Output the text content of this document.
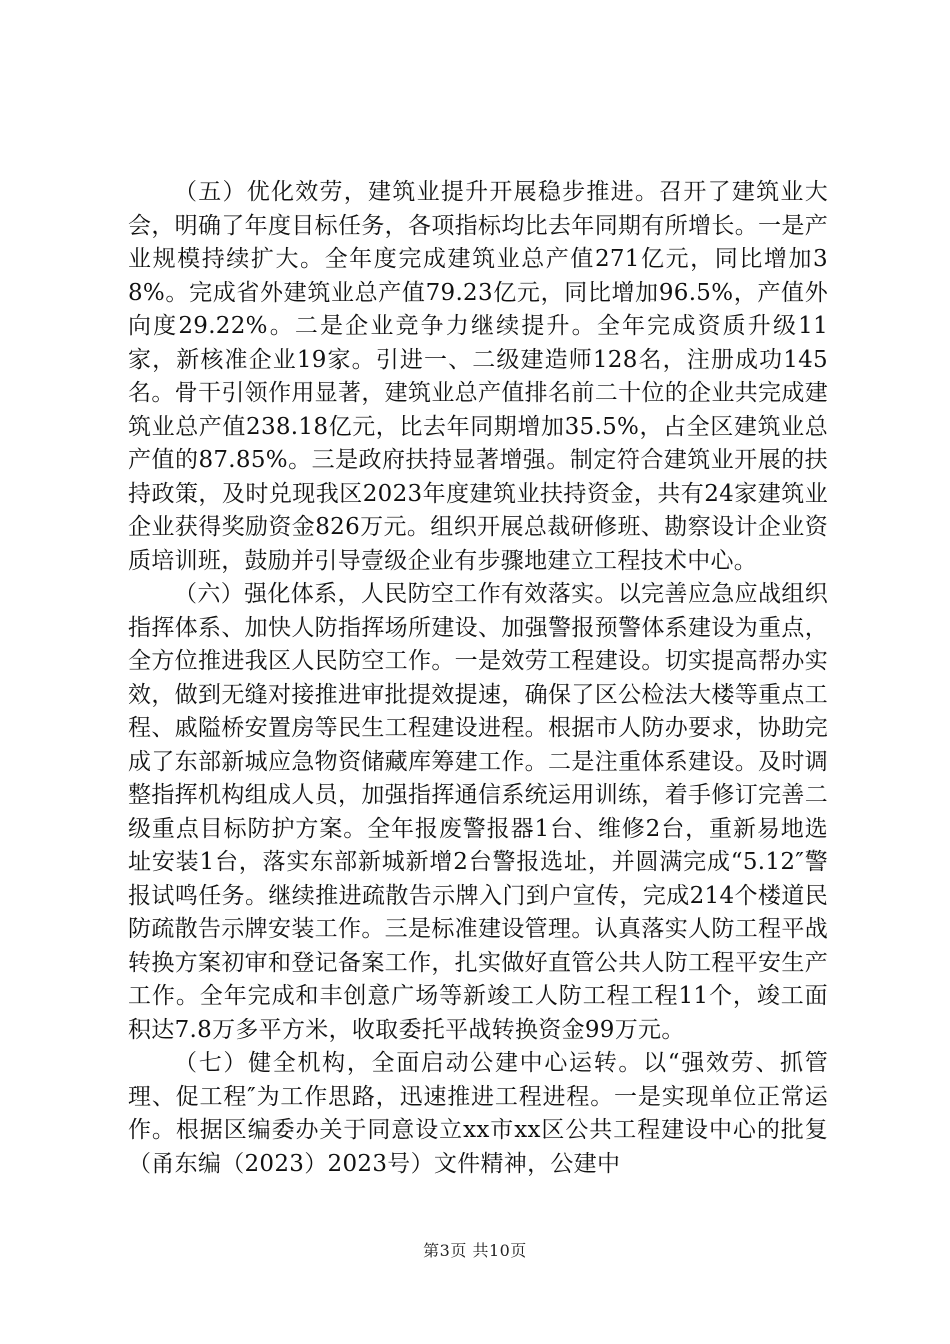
（五）优化效劳，建筑业提升开展稳步推进。召开了建筑业大会，明确了年度目标任务，各项指标均比去年同期有所增长。一是产业规模持续扩大。全年度完成建筑业总产值271亿元，同比增加38%。完成省外建筑业总产值79.23亿元，同比增加96.5%，产值外向度29.22%。二是企业竞争力继续提升。全年完成资质升级11家，新核准企业19家。引进一、二级建造师128名，注册成功145名。骨干引领作用显著，建筑业总产值排名前二十位的企业共完成建筑业总产值238.18亿元，比去年同期增加35.5%，占全区建筑业总产值的87.85%。三是政府扶持显著增强。制定符合建筑业开展的扶持政策，及时兑现我区2023年度建筑业扶持资金，共有24家建筑业企业获得奖励资金826万元。组织开展总裁研修班、勘察设计企业资质培训班，鼓励并引导壹级企业有步骤地建立工程技术中心。

（六）强化体系，人民防空工作有效落实。以完善应急应战组织指挥体系、加快人防指挥场所建设、加强警报预警体系建设为重点，全方位推进我区人民防空工作。一是效劳工程建设。切实提高帮办实效，做到无缝对接推进审批提效提速，确保了区公检法大楼等重点工程、戚隘桥安置房等民生工程建设进程。根据市人防办要求，协助完成了东部新城应急物资储藏库筹建工作。二是注重体系建设。及时调整指挥机构组成人员，加强指挥通信系统运用训练，着手修订完善二级重点目标防护方案。全年报废警报器1台、维修2台，重新易地选址安装1台，落实东部新城新增2台警报选址，并圆满完成“5.12″警报试鸣任务。继续推进疏散告示牌入门到户宣传，完成214个楼道民防疏散告示牌安装工作。三是标准建设管理。认真落实人防工程平战转换方案初审和登记备案工作，扎实做好直管公共人防工程平安生产工作。全年完成和丰创意广场等新竣工人防工程工程11个，竣工面积达7.8万多平方米，收取委托平战转换资金99万元。

（七）健全机构，全面启动公建中心运转。以“强效劳、抓管理、促工程″为工作思路，迅速推进工程进程。一是实现单位正常运作。根据区编委办关于同意设立xx市xx区公共工程建设中心的批复（甬东编（2023）2023号）文件精神，公建中

第3页 共10页
